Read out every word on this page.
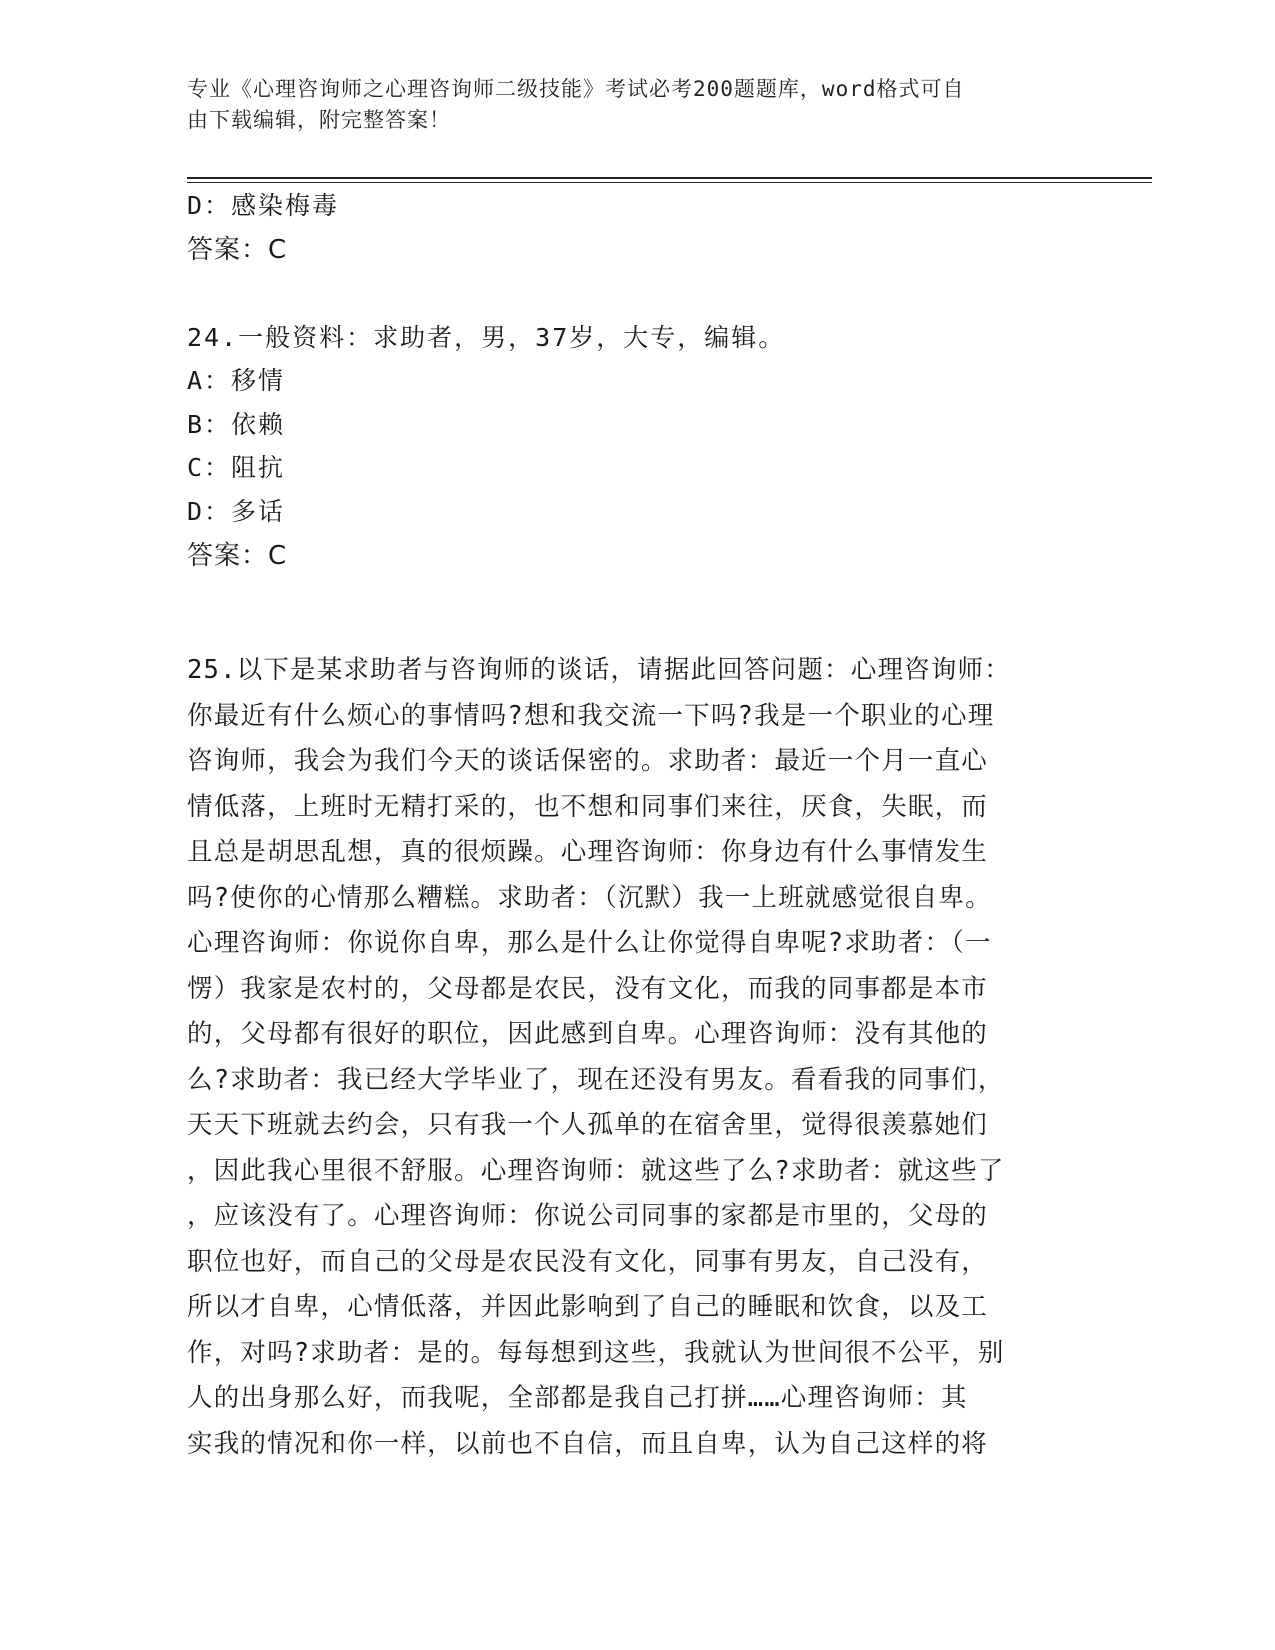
专业《心理咨询师之心理咨询师二级技能》考试必考200题题库，word格式可自
由下载编辑，附完整答案！
D：感染梅毒
答案：C
24.一般资料：求助者，男，37岁，大专，编辑。
A：移情
B：依赖
C：阻抗
D：多话
答案：C
25.以下是某求助者与咨询师的谈话，请据此回答问题：心理咨询师：
你最近有什么烦心的事情吗?想和我交流一下吗?我是一个职业的心理
咨询师，我会为我们今天的谈话保密的。求助者：最近一个月一直心
情低落，上班时无精打采的，也不想和同事们来往，厌食，失眠，而
且总是胡思乱想，真的很烦躁。心理咨询师：你身边有什么事情发生
吗?使你的心情那么糟糕。求助者：（沉默）我一上班就感觉很自卑。
心理咨询师：你说你自卑，那么是什么让你觉得自卑呢?求助者：（一
愣）我家是农村的，父母都是农民，没有文化，而我的同事都是本市
的，父母都有很好的职位，因此感到自卑。心理咨询师：没有其他的
么?求助者：我已经大学毕业了，现在还没有男友。看看我的同事们，
天天下班就去约会，只有我一个人孤单的在宿舍里，觉得很羡慕她们
，因此我心里很不舒服。心理咨询师：就这些了么?求助者：就这些了
，应该没有了。心理咨询师：你说公司同事的家都是市里的，父母的
职位也好，而自己的父母是农民没有文化，同事有男友，自己没有，
所以才自卑，心情低落，并因此影响到了自己的睡眠和饮食，以及工
作，对吗?求助者：是的。每每想到这些，我就认为世间很不公平，别
人的出身那么好，而我呢，全部都是我自己打拼……心理咨询师：其
实我的情况和你一样，以前也不自信，而且自卑，认为自己这样的将
